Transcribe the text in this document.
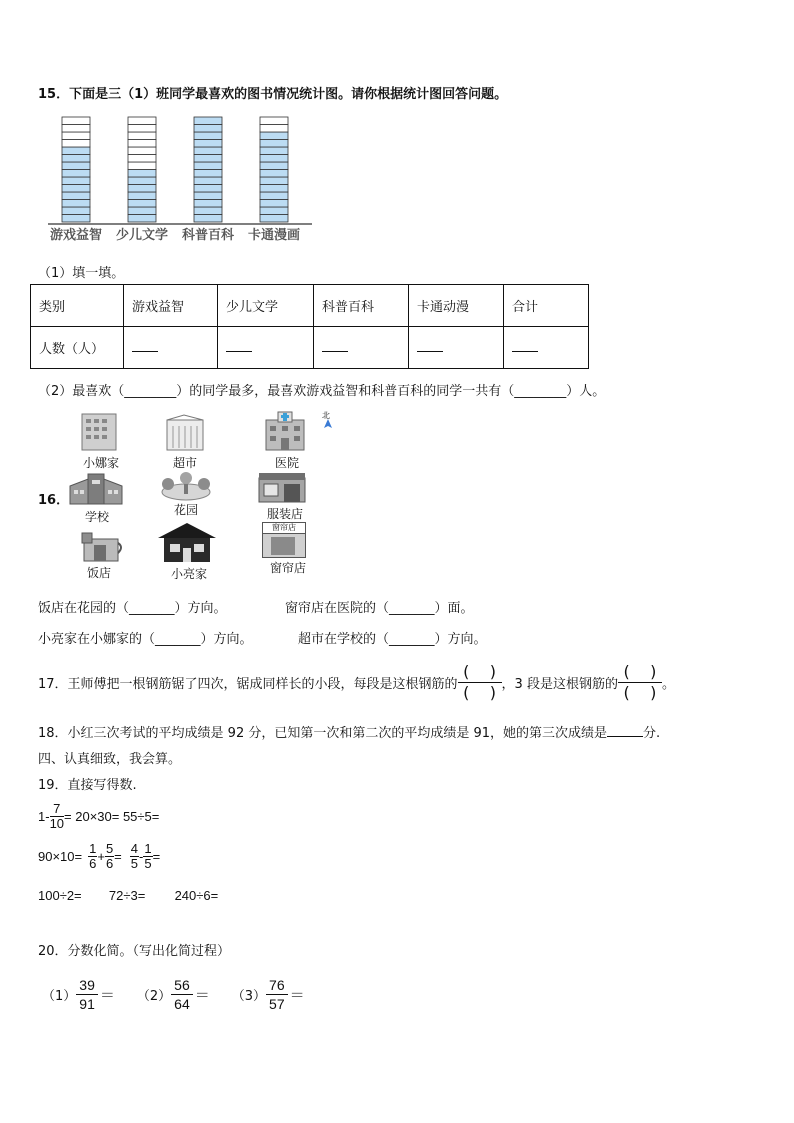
15．下面是三（1）班同学最喜欢的图书情况统计图。请你根据统计图回答问题。
游戏益智 少儿文学 科普百科 卡通漫画
（1）填一填。
类别	游戏益智	少儿文学	科普百科	卡通动漫	合计
人数（人）					
（2）最喜欢（________）的同学最多，最喜欢游戏益智和科普百科的同学一共有（________）人。
16．
北
小娜家	超市	医院
学校	花园	服装店
饭店	小亮家
窗帘店
窗帘店
饭店在花园的（_______）方向。	窗帘店在医院的（_______）面。
小亮家在小娜家的（_______）方向。	超市在学校的（_______）方向。
17．王师傅把一根钢筋锯了四次，锯成同样长的小段，每段是这根钢筋的
( )
( ) ，3 段是这根钢筋的
( )
( ) 。
18．小红三次考试的平均成绩是 92 分，已知第一次和第二次的平均成绩是 91，她的第三次成绩是	分.
四、认真细致，我会算。
19．直接写得数.
$1- \frac{7}{10} = 20\times 30= 55\div 5=$
$90\times 10= \frac{1}{6} + \frac{5}{6} = \frac{4}{5} - \frac{1}{5}$ =
100÷2= 72÷3= 240÷6=
20．分数化简。（写出化简过程）
$(1) \frac{39}{91} = (2) \frac{56}{64} = (3) \frac{76}{57}$ ＝
